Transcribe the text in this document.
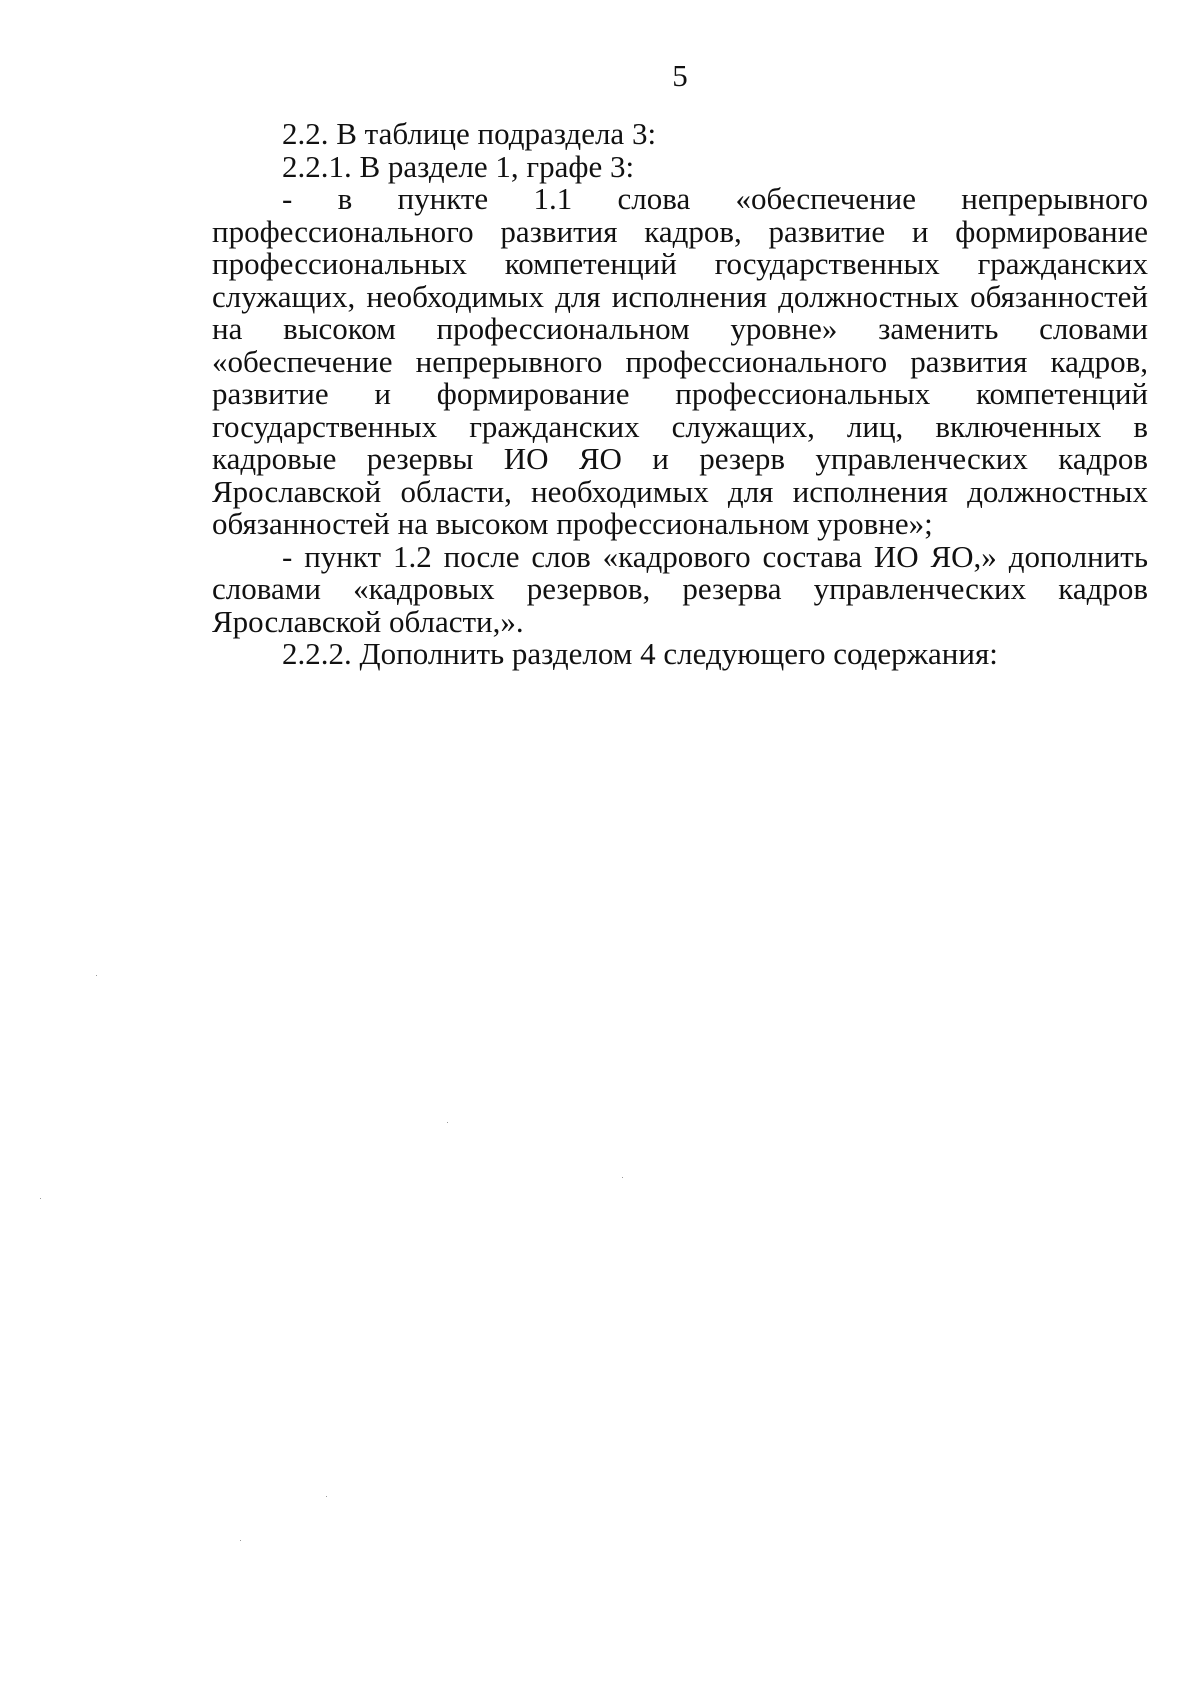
5

2.2. В таблице подраздела 3:

2.2.1. В разделе 1, графе 3:

- в пункте 1.1 слова «обеспечение непрерывного профессионального развития кадров, развитие и формирование профессиональных компетенций государственных гражданских служащих, необходимых для исполнения должностных обязанностей на высоком профессиональном уровне» заменить словами «обеспечение непрерывного профессионального развития кадров, развитие и формирование профессиональных компетенций государственных гражданских служащих, лиц, включенных в кадровые резервы ИО ЯО и резерв управленческих кадров Ярославской области, необходимых для исполнения должностных обязанностей на высоком профессиональном уровне»;

- пункт 1.2 после слов «кадрового состава ИО ЯО,» дополнить словами «кадровых резервов, резерва управленческих кадров Ярославской области,».

2.2.2. Дополнить разделом 4 следующего содержания:
